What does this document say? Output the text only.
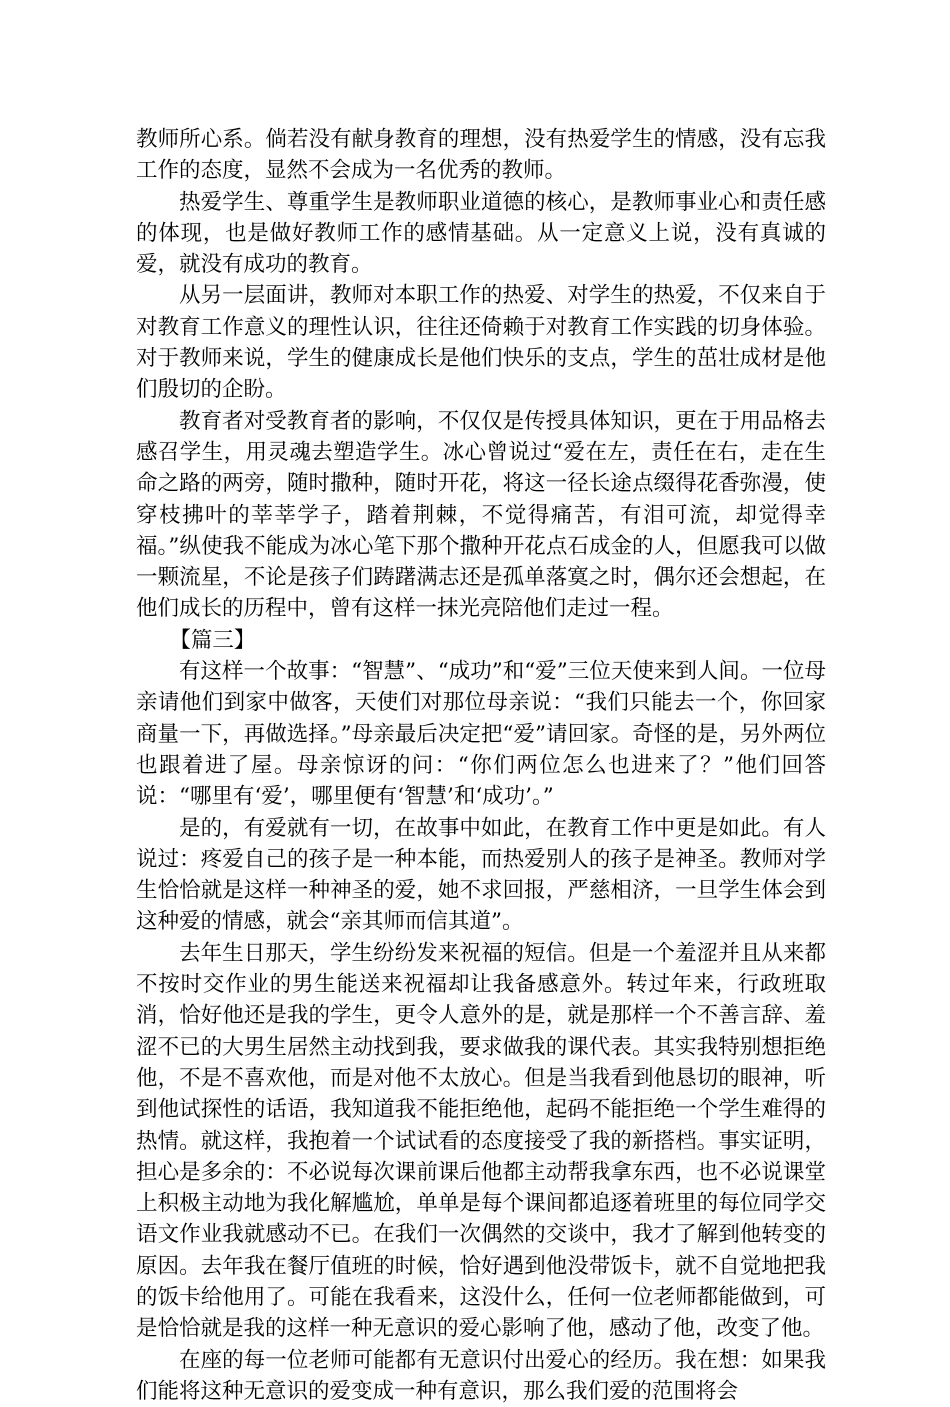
教师所心系。倘若没有献身教育的理想，没有热爱学生的情感，没有忘我工作的态度，显然不会成为一名优秀的教师。

热爱学生、尊重学生是教师职业道德的核心，是教师事业心和责任感的体现，也是做好教师工作的感情基础。从一定意义上说，没有真诚的爱，就没有成功的教育。

从另一层面讲，教师对本职工作的热爱、对学生的热爱，不仅来自于对教育工作意义的理性认识，往往还倚赖于对教育工作实践的切身体验。对于教师来说，学生的健康成长是他们快乐的支点，学生的茁壮成材是他们殷切的企盼。

教育者对受教育者的影响，不仅仅是传授具体知识，更在于用品格去感召学生，用灵魂去塑造学生。冰心曾说过“爱在左，责任在右，走在生命之路的两旁，随时撒种，随时开花，将这一径长途点缀得花香弥漫，使穿枝拂叶的莘莘学子，踏着荆棘，不觉得痛苦，有泪可流，却觉得幸福。”纵使我不能成为冰心笔下那个撒种开花点石成金的人，但愿我可以做一颗流星，不论是孩子们踌躇满志还是孤单落寞之时，偶尔还会想起，在他们成长的历程中，曾有这样一抹光亮陪他们走过一程。

【篇三】

有这样一个故事：“智慧”、“成功”和“爱”三位天使来到人间。一位母亲请他们到家中做客，天使们对那位母亲说：“我们只能去一个，你回家商量一下，再做选择。”母亲最后决定把“爱”请回家。奇怪的是，另外两位也跟着进了屋。母亲惊讶的问：“你们两位怎么也进来了？”他们回答说：“哪里有‘爱’，哪里便有‘智慧’和‘成功’。”

是的，有爱就有一切，在故事中如此，在教育工作中更是如此。有人说过：疼爱自己的孩子是一种本能，而热爱别人的孩子是神圣。教师对学生恰恰就是这样一种神圣的爱，她不求回报，严慈相济，一旦学生体会到这种爱的情感，就会“亲其师而信其道”。

去年生日那天，学生纷纷发来祝福的短信。但是一个羞涩并且从来都不按时交作业的男生能送来祝福却让我备感意外。转过年来，行政班取消，恰好他还是我的学生，更令人意外的是，就是那样一个不善言辞、羞涩不已的大男生居然主动找到我，要求做我的课代表。其实我特别想拒绝他，不是不喜欢他，而是对他不太放心。但是当我看到他恳切的眼神，听到他试探性的话语，我知道我不能拒绝他，起码不能拒绝一个学生难得的热情。就这样，我抱着一个试试看的态度接受了我的新搭档。事实证明，担心是多余的：不必说每次课前课后他都主动帮我拿东西，也不必说课堂上积极主动地为我化解尴尬，单单是每个课间都追逐着班里的每位同学交语文作业我就感动不已。在我们一次偶然的交谈中，我才了解到他转变的原因。去年我在餐厅值班的时候，恰好遇到他没带饭卡，就不自觉地把我的饭卡给他用了。可能在我看来，这没什么，任何一位老师都能做到，可是恰恰就是我的这样一种无意识的爱心影响了他，感动了他，改变了他。

在座的每一位老师可能都有无意识付出爱心的经历。我在想：如果我们能将这种无意识的爱变成一种有意识，那么我们爱的范围将会
